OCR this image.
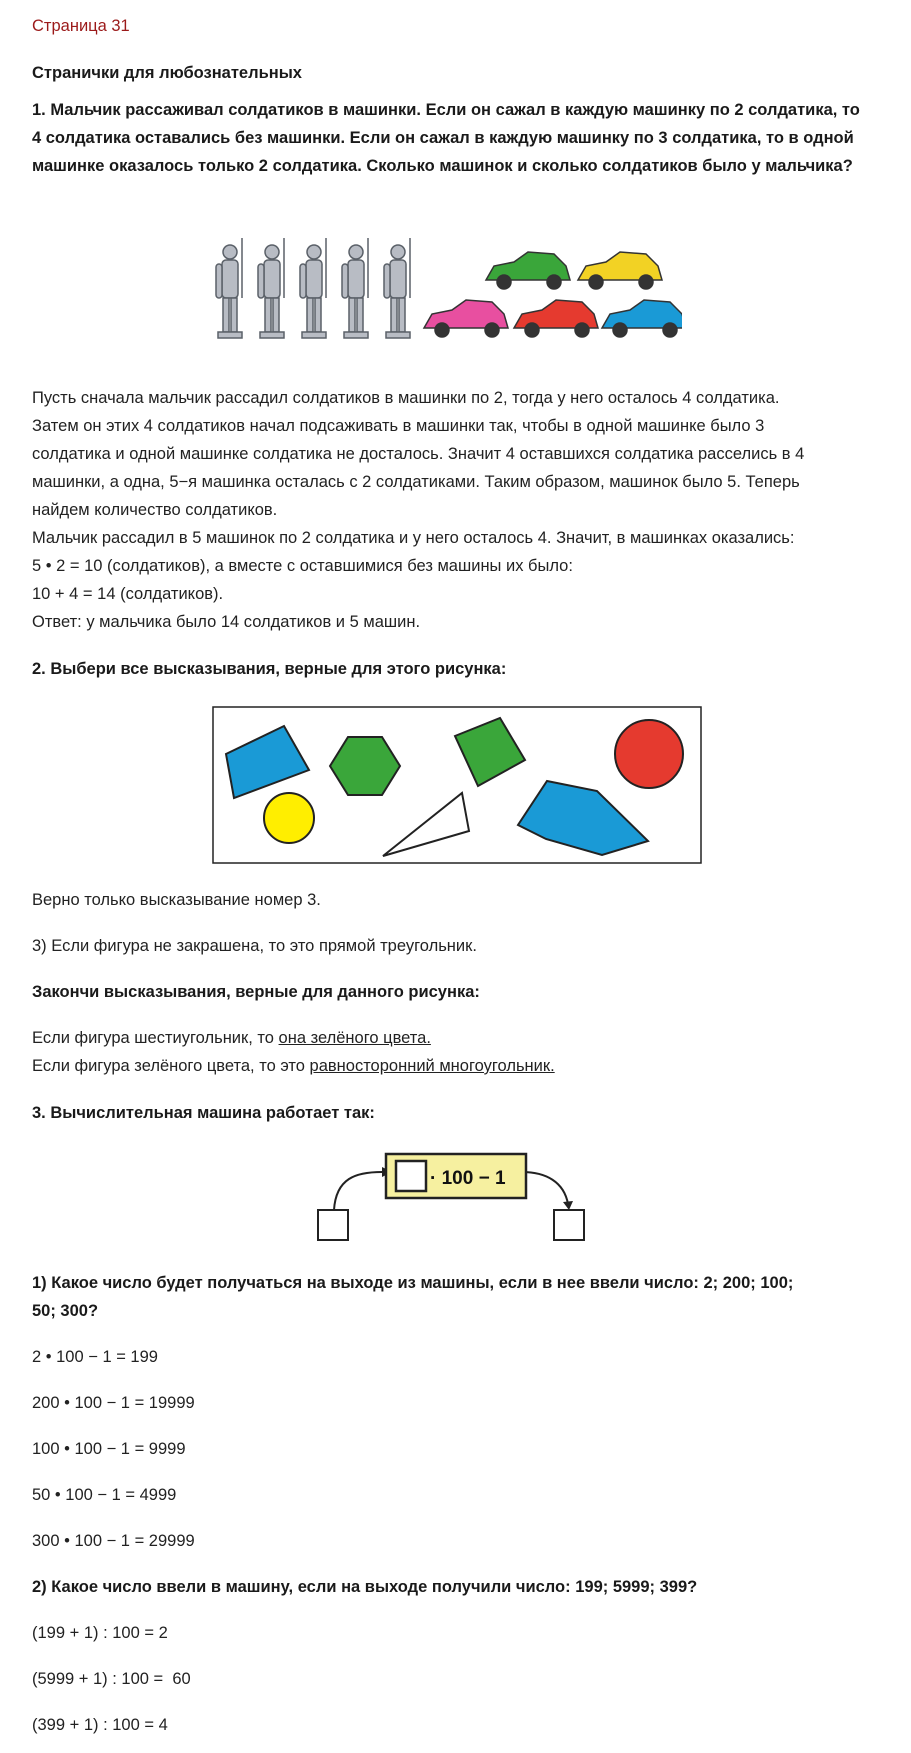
Страница 31
Странички для любознательных
1. Мальчик рассаживал солдатиков в машинки. Если он сажал в каждую машинку по 2 солдатика, то 4 солдатика оставались без машинки. Если он сажал в каждую машинку по 3 солдатика, то в одной машинке оказалось только 2 солдатика. Сколько машинок и сколько солдатиков было у мальчика?
Пусть сначала мальчик рассадил солдатиков в машинки по 2, тогда у него осталось 4 солдатика.
Затем он этих 4 солдатиков начал подсаживать в машинки так, чтобы в одной машинке было 3
солдатика и одной машинке солдатика не досталось. Значит 4 оставшихся солдатика расселись в 4
машинки, а одна, 5−я машинка осталась с 2 солдатиками. Таким образом, машинок было 5. Теперь
найдем количество солдатиков.
Мальчик рассадил в 5 машинок по 2 солдатика и у него осталось 4. Значит, в машинках оказались:
5 • 2 = 10 (солдатиков), а вместе с оставшимися без машины их было:
10 + 4 = 14 (солдатиков).
Ответ: у мальчика было 14 солдатиков и 5 машин.
2. Выбери все высказывания, верные для этого рисунка:
Верно только высказывание номер 3.
3) Если фигура не закрашена, то это прямой треугольник.
Закончи высказывания, верные для данного рисунка:
Если фигура шестиугольник, то она зелёного цвета.
Если фигура зелёного цвета, то это равносторонний многоугольник.
3. Вычислительная машина работает так:
· 100 − 1
1) Какое число будет получаться на выходе из машины, если в нее ввели число: 2; 200; 100;
50; 300?
2 • 100 − 1 = 199
200 • 100 − 1 = 19999
100 • 100 − 1 = 9999
50 • 100 − 1 = 4999
300 • 100 − 1 = 29999
2) Какое число ввели в машину, если на выходе получили число: 199; 5999; 399?
(199 + 1) : 100 = 2
(5999 + 1) : 100 =  60
(399 + 1) : 100 = 4
